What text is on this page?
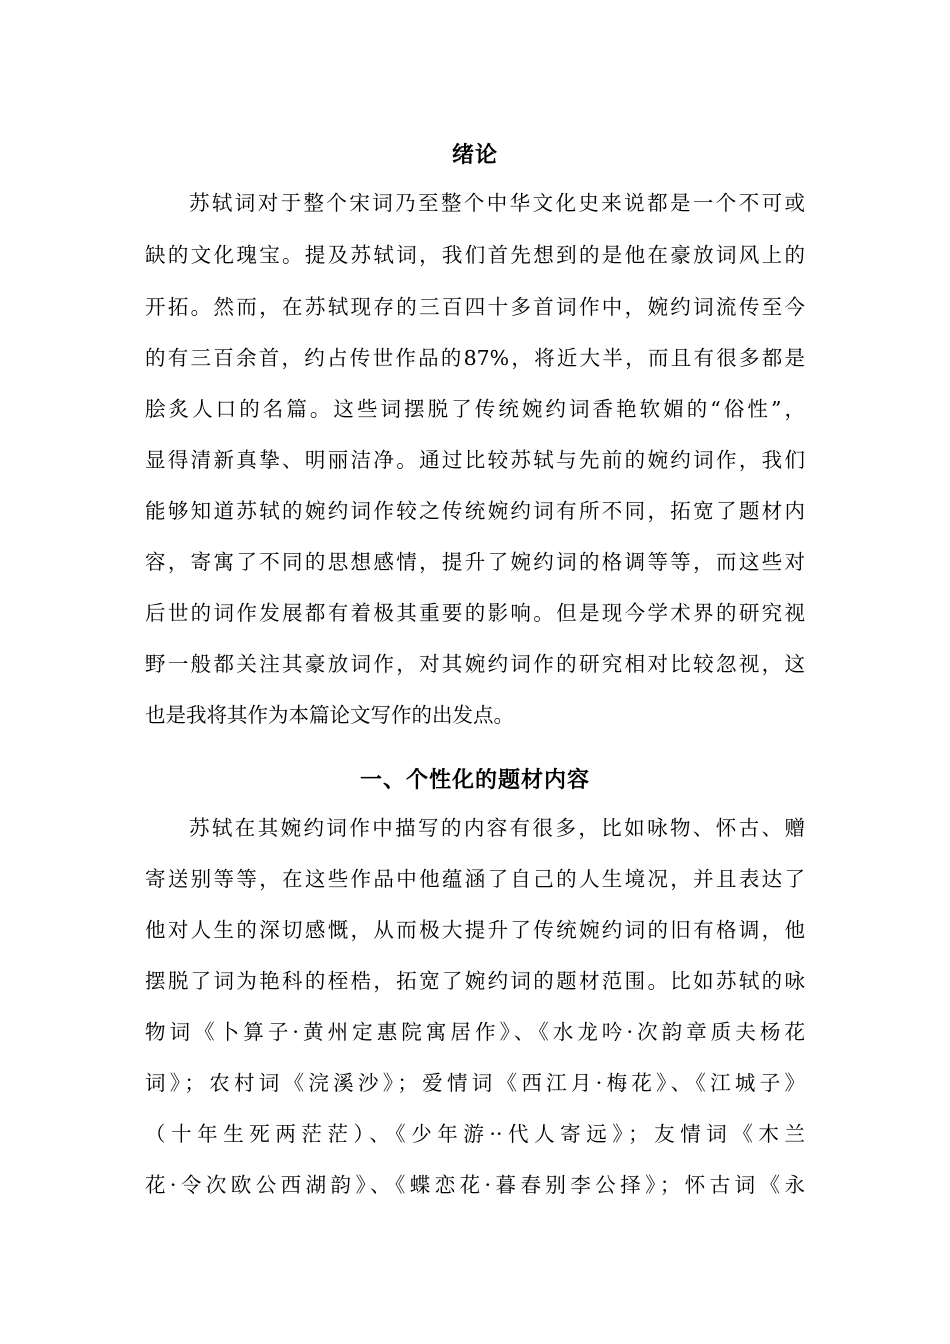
绪论
苏轼词对于整个宋词乃至整个中华文化史来说都是一个不可或
缺的文化瑰宝。提及苏轼词，我们首先想到的是他在豪放词风上的
开拓。然而，在苏轼现存的三百四十多首词作中，婉约词流传至今
的有三百余首，约占传世作品的87%，将近大半，而且有很多都是
脍炙人口的名篇。这些词摆脱了传统婉约词香艳软媚的“俗性”，
显得清新真挚、明丽洁净。通过比较苏轼与先前的婉约词作，我们
能够知道苏轼的婉约词作较之传统婉约词有所不同，拓宽了题材内
容，寄寓了不同的思想感情，提升了婉约词的格调等等，而这些对
后世的词作发展都有着极其重要的影响。但是现今学术界的研究视
野一般都关注其豪放词作，对其婉约词作的研究相对比较忽视，这
也是我将其作为本篇论文写作的出发点。
一、个性化的题材内容
苏轼在其婉约词作中描写的内容有很多，比如咏物、怀古、赠
寄送别等等，在这些作品中他蕴涵了自己的人生境况，并且表达了
他对人生的深切感慨，从而极大提升了传统婉约词的旧有格调，他
摆脱了词为艳科的桎梏，拓宽了婉约词的题材范围。比如苏轼的咏
物词《卜算子·黄州定惠院寓居作》、《水龙吟·次韵章质夫杨花
词》；农村词《浣溪沙》；爱情词《西江月·梅花》、《江城子》
（十年生死两茫茫）、《少年游··代人寄远》；友情词《木兰
花·令次欧公西湖韵》、《蝶恋花·暮春别李公择》；怀古词《永
